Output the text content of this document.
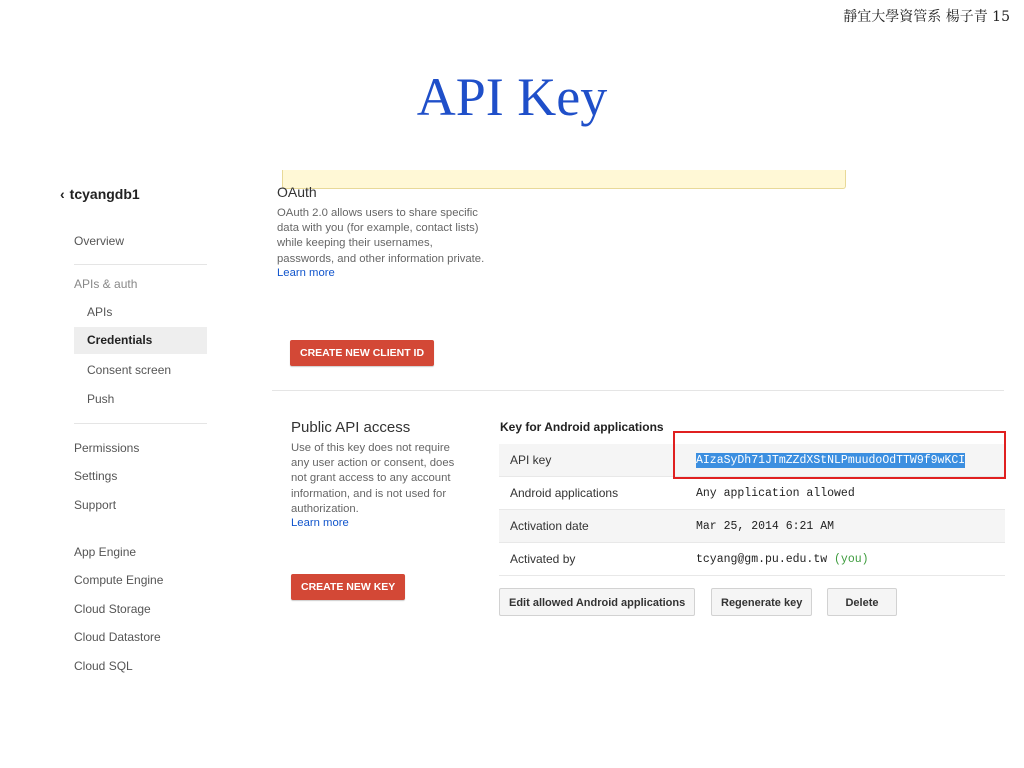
靜宜大學資管系 楊子青 15
API Key
‹ tcyangdb1
Overview
APIs & auth
APIs
Credentials
Consent screen
Push
Permissions
Settings
Support
App Engine
Compute Engine
Cloud Storage
Cloud Datastore
Cloud SQL
OAuth
OAuth 2.0 allows users to share specific data with you (for example, contact lists) while keeping their usernames, passwords, and other information private.
Learn more
CREATE NEW CLIENT ID
Public API access
Use of this key does not require any user action or consent, does not grant access to any account information, and is not used for authorization.
Learn more
CREATE NEW KEY
Key for Android applications
API key	AIzaSyDh71JTmZZdXStNLPmuudoOdTTW9f9wKCI
Android applications	Any application allowed
Activation date	Mar 25, 2014 6:21 AM
Activated by	tcyang@gm.pu.edu.tw (you)
Edit allowed Android applications	Regenerate key	Delete
